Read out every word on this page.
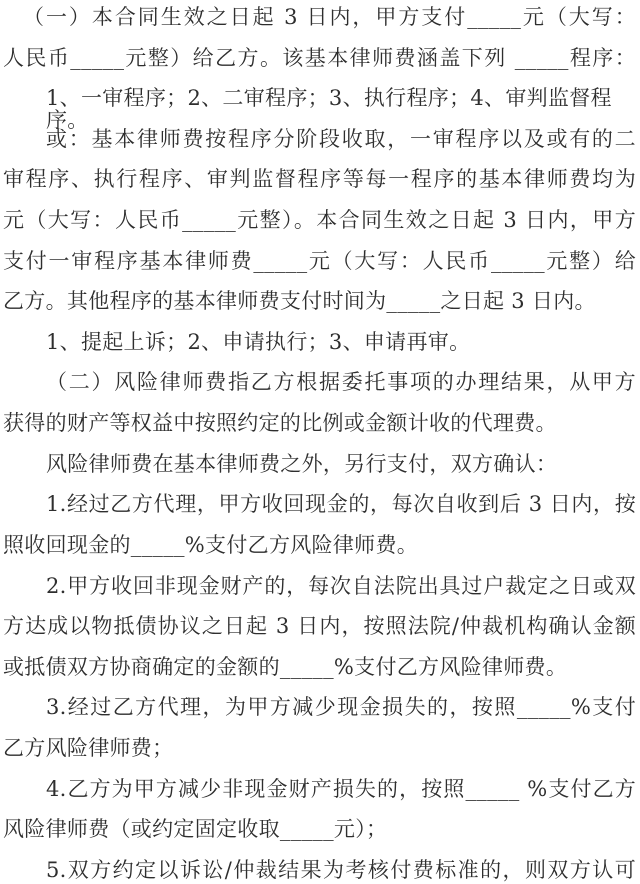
（一）本合同生效之日起 3 日内，甲方支付_____元（大写：
人民币_____元整）给乙方。该基本律师费涵盖下列 _____程序：
1、一审程序；2、二审程序；3、执行程序；4、审判监督程序。
或：基本律师费按程序分阶段收取，一审程序以及或有的二
审程序、执行程序、审判监督程序等每一程序的基本律师费均为
元（大写：人民币_____元整）。本合同生效之日起 3 日内，甲方
支付一审程序基本律师费_____元（大写：人民币_____元整）给
乙方。其他程序的基本律师费支付时间为_____之日起 3 日内。
1、提起上诉；2、申请执行；3、申请再审。
（二）风险律师费指乙方根据委托事项的办理结果，从甲方
获得的财产等权益中按照约定的比例或金额计收的代理费。
风险律师费在基本律师费之外，另行支付，双方确认：
1.经过乙方代理，甲方收回现金的，每次自收到后 3 日内，按
照收回现金的_____%支付乙方风险律师费。
2.甲方收回非现金财产的，每次自法院出具过户裁定之日或双
方达成以物抵债协议之日起 3 日内，按照法院/仲裁机构确认金额
或抵债双方协商确定的金额的_____%支付乙方风险律师费。
3.经过乙方代理，为甲方减少现金损失的，按照_____%支付
乙方风险律师费；
4.乙方为甲方减少非现金财产损失的，按照_____ %支付乙方
风险律师费（或约定固定收取_____元）；
5.双方约定以诉讼/仲裁结果为考核付费标准的，则双方认可
